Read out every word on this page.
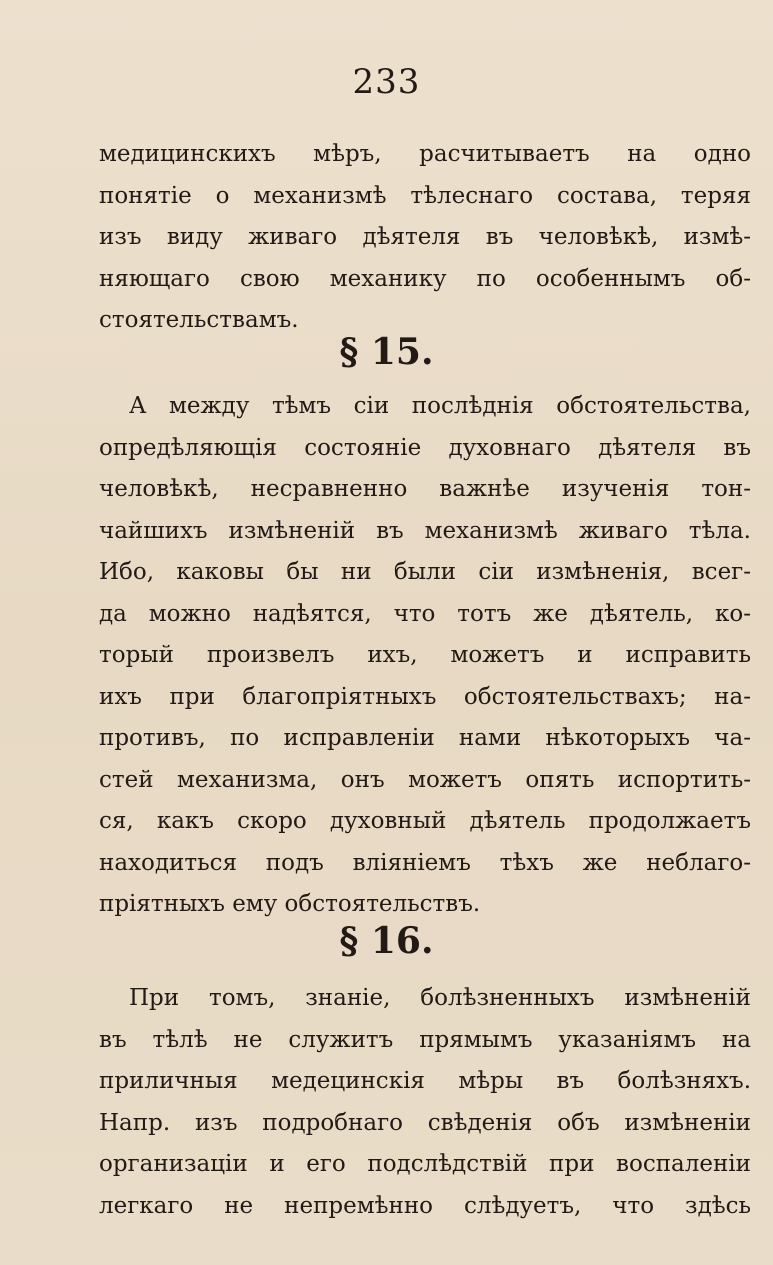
233
медицинскихъ мѣръ, расчитываетъ на одно
понятіе о механизмѣ тѣлеснаго состава, теряя
изъ виду живаго дѣятеля въ человѣкѣ, измѣ-
няющаго свою механику по особеннымъ об-
стоятельствамъ.
§ 15.
А между тѣмъ сіи послѣднія обстоятельства,
опредѣляющія состояніе духовнаго дѣятеля въ
человѣкѣ, несравненно важнѣе изученія тон-
чайшихъ измѣненій въ механизмѣ живаго тѣла.
Ибо, каковы бы ни были сіи измѣненія, всег-
да можно надѣятся, что тотъ же дѣятель, ко-
торый произвелъ ихъ, можетъ и исправить
ихъ при благопріятныхъ обстоятельствахъ; на-
противъ, по исправленіи нами нѣкоторыхъ ча-
стей механизма, онъ можетъ опять испортить-
ся, какъ скоро духовный дѣятель продолжаетъ
находиться подъ вліяніемъ тѣхъ же неблаго-
пріятныхъ ему обстоятельствъ.
§ 16.
При томъ, знаніе, болѣзненныхъ измѣненій
въ тѣлѣ не служитъ прямымъ указаніямъ на
приличныя медецинскія мѣры въ болѣзняхъ.
Напр. изъ подробнаго свѣденія объ измѣненіи
организаціи и его подслѣдствій при воспаленіи
легкаго не непремѣнно слѣдуетъ, что здѣсь
